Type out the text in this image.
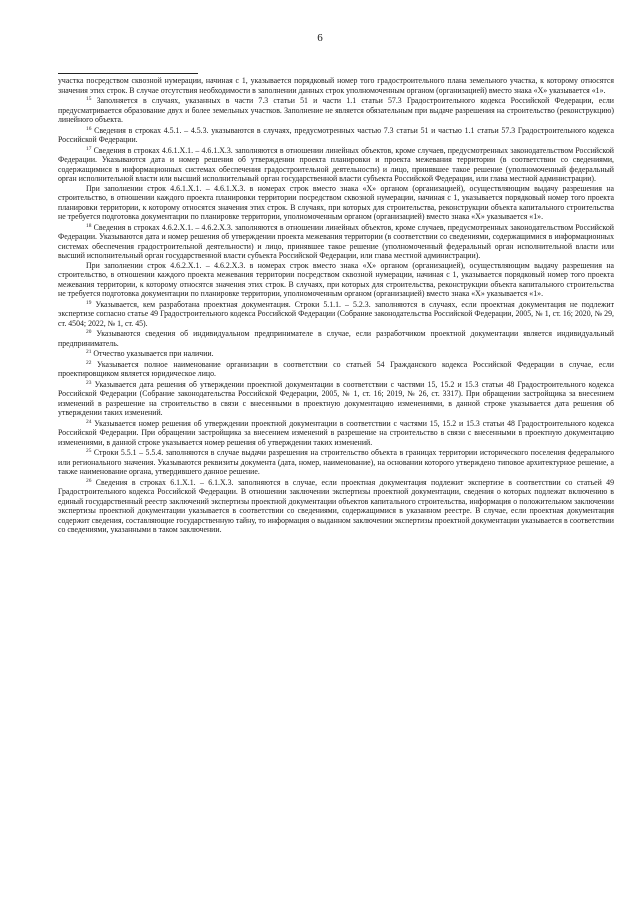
6

участка посредством сквозной нумерации, начиная с 1, указывается порядковый номер того градостроительного плана земельного участка, к которому относятся значения этих строк. В случае отсутствия необходимости в заполнении данных строк уполномоченным органом (организацией) вместо знака «Х» указывается «1».

$^{15}$ Заполняется в случаях, указанных в части 7.3 статьи 51 и части 1.1 статьи 57.3 Градостроительного кодекса Российской Федерации, если предусматривается образование двух и более земельных участков. Заполнение не является обязательным при выдаче разрешения на строительство (реконструкцию) линейного объекта.

$^{16}$ Сведения в строках 4.5.1. – 4.5.3. указываются в случаях, предусмотренных частью 7.3 статьи 51 и частью 1.1 статьи 57.3 Градостроительного кодекса Российской Федерации.

$^{17}$ Сведения в строках 4.6.1.Х.1. – 4.6.1.Х.3. заполняются в отношении линейных объектов, кроме случаев, предусмотренных законодательством Российской Федерации. Указываются дата и номер решения об утверждении проекта планировки и проекта межевания территории (в соответствии со сведениями, содержащимися в информационных системах обеспечения градостроительной деятельности) и лицо, принявшее такое решение (уполномоченный федеральный орган исполнительной власти или высший исполнительный орган государственной власти субъекта Российской Федерации, или глава местной администрации).

При заполнении строк 4.6.1.Х.1. – 4.6.1.Х.3. в номерах строк вместо знака «Х» органом (организацией), осуществляющим выдачу разрешения на строительство, в отношении каждого проекта планировки территории посредством сквозной нумерации, начиная с 1, указывается порядковый номер того проекта планировки территории, к которому относятся значения этих строк. В случаях, при которых для строительства, реконструкции объекта капитального строительства не требуется подготовка документации по планировке территории, уполномоченным органом (организацией) вместо знака «Х» указывается «1».

$^{18}$ Сведения в строках 4.6.2.Х.1. – 4.6.2.Х.3. заполняются в отношении линейных объектов, кроме случаев, предусмотренных законодательством Российской Федерации. Указываются дата и номер решения об утверждении проекта межевания территории (в соответствии со сведениями, содержащимися в информационных системах обеспечения градостроительной деятельности) и лицо, принявшее такое решение (уполномоченный федеральный орган исполнительной власти или высший исполнительный орган государственной власти субъекта Российской Федерации, или глава местной администрации).

При заполнении строк 4.6.2.Х.1. – 4.6.2.Х.3. в номерах строк вместо знака «Х» органом (организацией), осуществляющим выдачу разрешения на строительство, в отношении каждого проекта межевания территории посредством сквозной нумерации, начиная с 1, указывается порядковый номер того проекта межевания территории, к которому относятся значения этих строк. В случаях, при которых для строительства, реконструкции объекта капитального строительства не требуется подготовка документации по планировке территории, уполномоченным органом (организацией) вместо знака «Х» указывается «1».

$^{19}$ Указывается, кем разработана проектная документация. Строки 5.1.1. – 5.2.3. заполняются в случаях, если проектная документация не подлежит экспертизе согласно статье 49 Градостроительного кодекса Российской Федерации (Собрание законодательства Российской Федерации, 2005, № 1, ст. 16; 2020, № 29, ст. 4504; 2022, № 1, ст. 45).

$^{20}$ Указываются сведения об индивидуальном предпринимателе в случае, если разработчиком проектной документации является индивидуальный предприниматель.

$^{21}$ Отчество указывается при наличии.

$^{22}$ Указывается полное наименование организации в соответствии со статьей 54 Гражданского кодекса Российской Федерации в случае, если проектировщиком является юридическое лицо.

$^{23}$ Указывается дата решения об утверждении проектной документации в соответствии с частями 15, 15.2 и 15.3 статьи 48 Градостроительного кодекса Российской Федерации (Собрание законодательства Российской Федерации, 2005, № 1, ст. 16; 2019, № 26, ст. 3317). При обращении застройщика за внесением изменений в разрешение на строительство в связи с внесенными в проектную документацию изменениями, в данной строке указывается дата решения об утверждении таких изменений.

$^{24}$ Указывается номер решения об утверждении проектной документации в соответствии с частями 15, 15.2 и 15.3 статьи 48 Градостроительного кодекса Российской Федерации. При обращении застройщика за внесением изменений в разрешение на строительство в связи с внесенными в проектную документацию изменениями, в данной строке указывается номер решения об утверждении таких изменений.

$^{25}$ Строки 5.5.1 – 5.5.4. заполняются в случае выдачи разрешения на строительство объекта в границах территории исторического поселения федерального или регионального значения. Указываются реквизиты документа (дата, номер, наименование), на основании которого утверждено типовое архитектурное решение, а также наименование органа, утвердившего данное решение.

$^{26}$ Сведения в строках 6.1.Х.1. – 6.1.Х.3. заполняются в случае, если проектная документация подлежит экспертизе в соответствии со статьей 49 Градостроительного кодекса Российской Федерации. В отношении заключении экспертизы проектной документации, сведения о которых подлежат включению в единый государственный реестр заключений экспертизы проектной документации объектов капитального строительства, информация о положительном заключении экспертизы проектной документации указывается в соответствии со сведениями, содержащимися в указанном реестре. В случае, если проектная документация содержит сведения, составляющие государственную тайну, то информация о выданном заключении экспертизы проектной документации указывается в соответствии со сведениями, указанными в таком заключении.
